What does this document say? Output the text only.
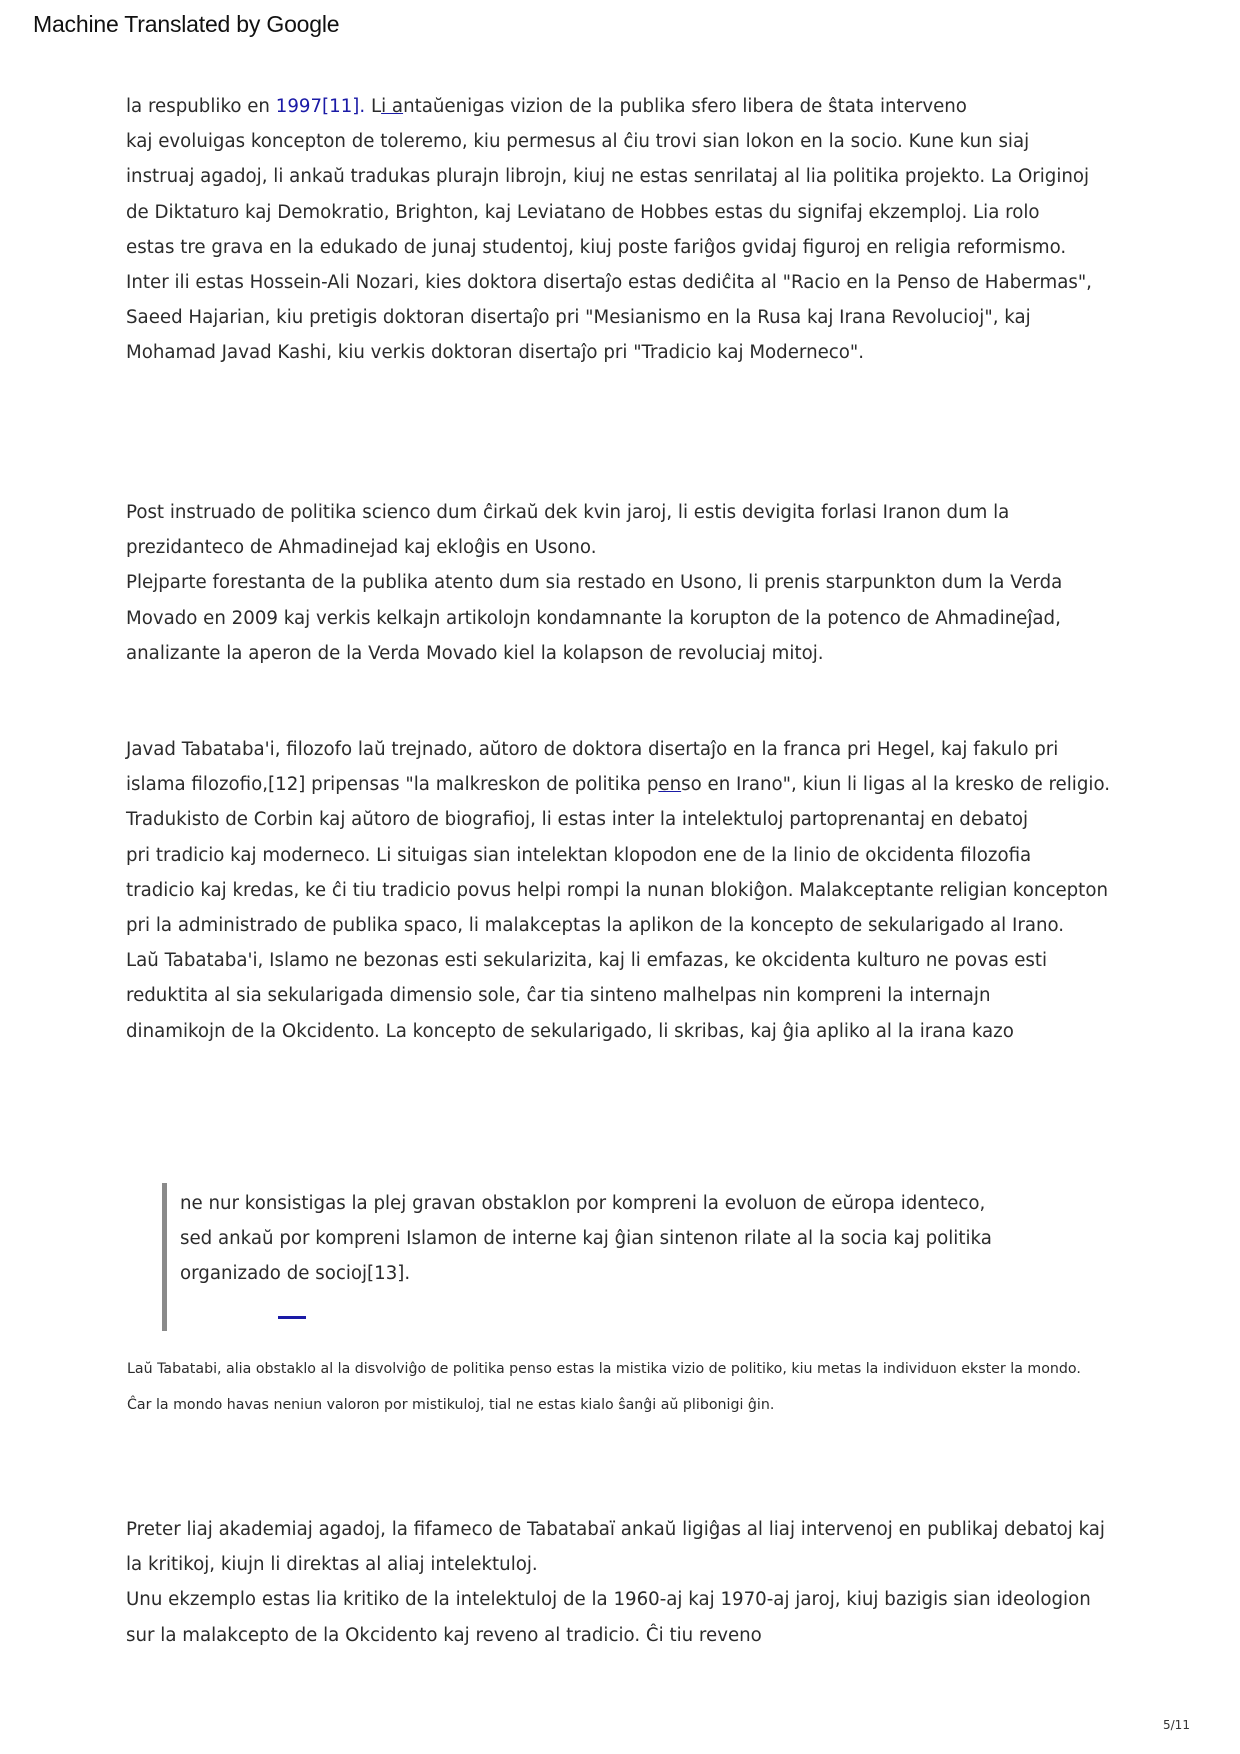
Machine Translated by Google
la respubliko en 1997[11]. Li antaŭenigas vizion de la publika sfero libera de ŝtata interveno
kaj evoluigas koncepton de toleremo, kiu permesus al ĉiu trovi sian lokon en la socio. Kune kun siaj
instruaj agadoj, li ankaŭ tradukas plurajn librojn, kiuj ne estas senrilataj al lia politika projekto. La Originoj
de Diktaturo kaj Demokratio, Brighton, kaj Leviatano de Hobbes estas du signifaj ekzemploj. Lia rolo
estas tre grava en la edukado de junaj studentoj, kiuj poste fariĝos gvidaj figuroj en religia reformismo.
Inter ili estas Hossein-Ali Nozari, kies doktora disertaĵo estas dediĉita al "Racio en la Penso de Habermas",
Saeed Hajarian, kiu pretigis doktoran disertaĵo pri "Mesianismo en la Rusa kaj Irana Revolucioj", kaj
Mohamad Javad Kashi, kiu verkis doktoran disertaĵo pri "Tradicio kaj Moderneco".
Post instruado de politika scienco dum ĉirkaŭ dek kvin jaroj, li estis devigita forlasi Iranon dum la
prezidanteco de Ahmadinejad kaj ekloĝis en Usono.
Plejparte forestanta de la publika atento dum sia restado en Usono, li prenis starpunkton dum la Verda
Movado en 2009 kaj verkis kelkajn artikolojn kondamnante la korupton de la potenco de Ahmadineĵad,
analizante la aperon de la Verda Movado kiel la kolapson de revoluciaj mitoj.
Javad Tabataba'i, filozofo laŭ trejnado, aŭtoro de doktora disertaĵo en la franca pri Hegel, kaj fakulo pri
islama filozofio,[12] pripensas "la malkreskon de politika penso en Irano", kiun li ligas al la kresko de religio.
Tradukisto de Corbin kaj aŭtoro de biografioj, li estas inter la intelektuloj partoprenantaj en debatoj
pri tradicio kaj moderneco. Li situigas sian intelektan klopodon ene de la linio de okcidenta filozofia
tradicio kaj kredas, ke ĉi tiu tradicio povus helpi rompi la nunan blokiĝon. Malakceptante religian koncepton
pri la administrado de publika spaco, li malakceptas la aplikon de la koncepto de sekularigado al Irano.
Laŭ Tabataba'i, Islamo ne bezonas esti sekularizita, kaj li emfazas, ke okcidenta kulturo ne povas esti
reduktita al sia sekularigada dimensio sole, ĉar tia sinteno malhelpas nin kompreni la internajn
dinamikojn de la Okcidento. La koncepto de sekularigado, li skribas, kaj ĝia apliko al la irana kazo
ne nur konsistigas la plej gravan obstaklon por kompreni la evoluon de eŭropa identeco,
sed ankaŭ por kompreni Islamon de interne kaj ĝian sintenon rilate al la socia kaj politika
organizado de socioj[13].
Laŭ Tabatabi, alia obstaklo al la disvolviĝo de politika penso estas la mistika vizio de politiko, kiu metas la individuon ekster la mondo.
Ĉar la mondo havas neniun valoron por mistikuloj, tial ne estas kialo ŝanĝi aŭ plibonigi ĝin.
Preter liaj akademiaj agadoj, la fifameco de Tabatabaï ankaŭ ligiĝas al liaj intervenoj en publikaj debatoj kaj
la kritikoj, kiujn li direktas al aliaj intelektuloj.
Unu ekzemplo estas lia kritiko de la intelektuloj de la 1960-aj kaj 1970-aj jaroj, kiuj bazigis sian ideologion
sur la malakcepto de la Okcidento kaj reveno al tradicio. Ĉi tiu reveno
5/11
